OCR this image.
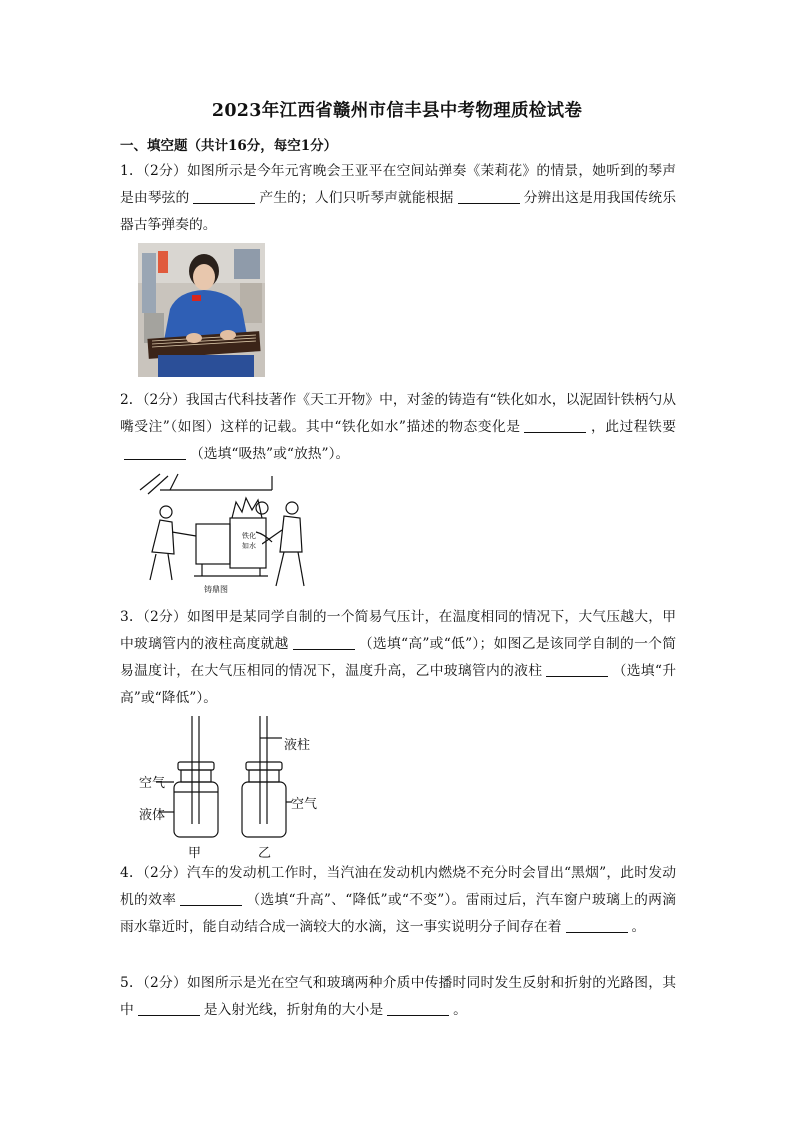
2023年江西省赣州市信丰县中考物理质检试卷
一、填空题（共计16分，每空1分）
1．（2分）如图所示是今年元宵晚会王亚平在空间站弹奏《茉莉花》的情景，她听到的琴声是由琴弦的	产生的；人们只听琴声就能根据	分辨出这是用我国传统乐器古筝弹奏的。
2．（2分）我国古代科技著作《天工开物》中，对釜的铸造有“铁化如水，以泥固针铁柄勺从嘴受注”（如图）这样的记载。其中“铁化如水”描述的物态变化是	，此过程铁要（选填“吸热”或“放热”）。
铁化
如水
铸鼎图
3．（2分）如图甲是某同学自制的一个简易气压计，在温度相同的情况下，大气压越大，甲中玻璃管内的液柱高度就越	（选填“高”或“低”）；如图乙是该同学自制的一个简易温度计，在大气压相同的情况下，温度升高，乙中玻璃管内的液柱	（选填“升高”或“降低”）。
空气
液体
甲
液柱
空气
乙
4．（2分）汽车的发动机工作时，当汽油在发动机内燃烧不充分时会冒出“黑烟”，此时发动机的效率	（选填“升高”、“降低”或“不变”）。雷雨过后，汽车窗户玻璃上的两滴雨水靠近时，能自动结合成一滴较大的水滴，这一事实说明分子间存在着	。
5．（2分）如图所示是光在空气和玻璃两种介质中传播时同时发生反射和折射的光路图，其中	是入射光线，折射角的大小是	。
